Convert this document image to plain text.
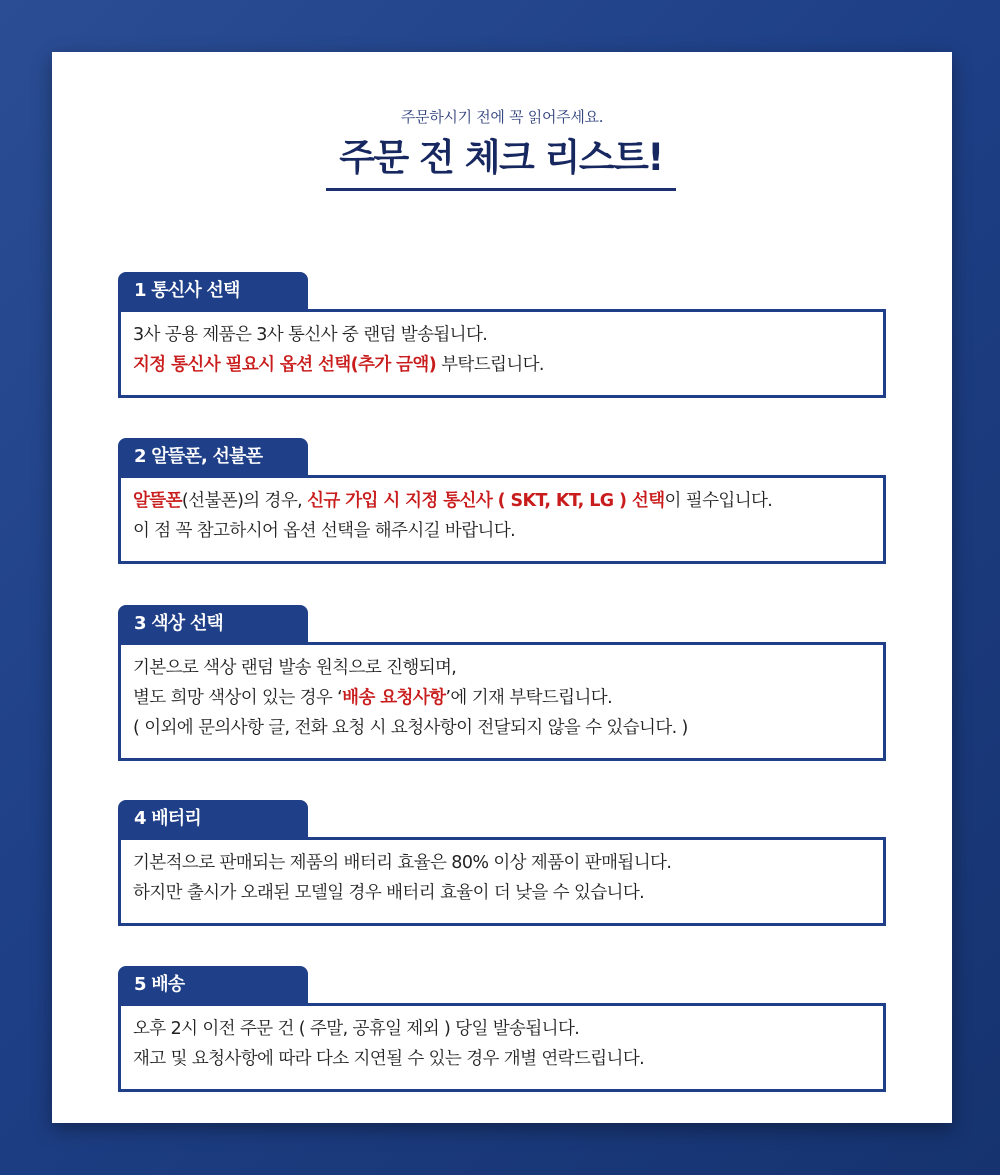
주문하시기 전에 꼭 읽어주세요.
주문 전 체크 리스트!
1 통신사 선택
3사 공용 제품은 3사 통신사 중 랜덤 발송됩니다.
지정 통신사 필요시 옵션 선택(추가 금액) 부탁드립니다.
2 알뜰폰, 선불폰
알뜰폰(선불폰)의 경우, 신규 가입 시 지정 통신사 ( SKT, KT, LG ) 선택이 필수입니다.
이 점 꼭 참고하시어 옵션 선택을 해주시길 바랍니다.
3 색상 선택
기본으로 색상 랜덤 발송 원칙으로 진행되며,
별도 희망 색상이 있는 경우 ‘배송 요청사항’에 기재 부탁드립니다.
( 이외에 문의사항 글, 전화 요청 시 요청사항이 전달되지 않을 수 있습니다. )
4 배터리
기본적으로 판매되는 제품의 배터리 효율은 80% 이상 제품이 판매됩니다.
하지만 출시가 오래된 모델일 경우 배터리 효율이 더 낮을 수 있습니다.
5 배송
오후 2시 이전 주문 건 ( 주말, 공휴일 제외 ) 당일 발송됩니다.
재고 및 요청사항에 따라 다소 지연될 수 있는 경우 개별 연락드립니다.
